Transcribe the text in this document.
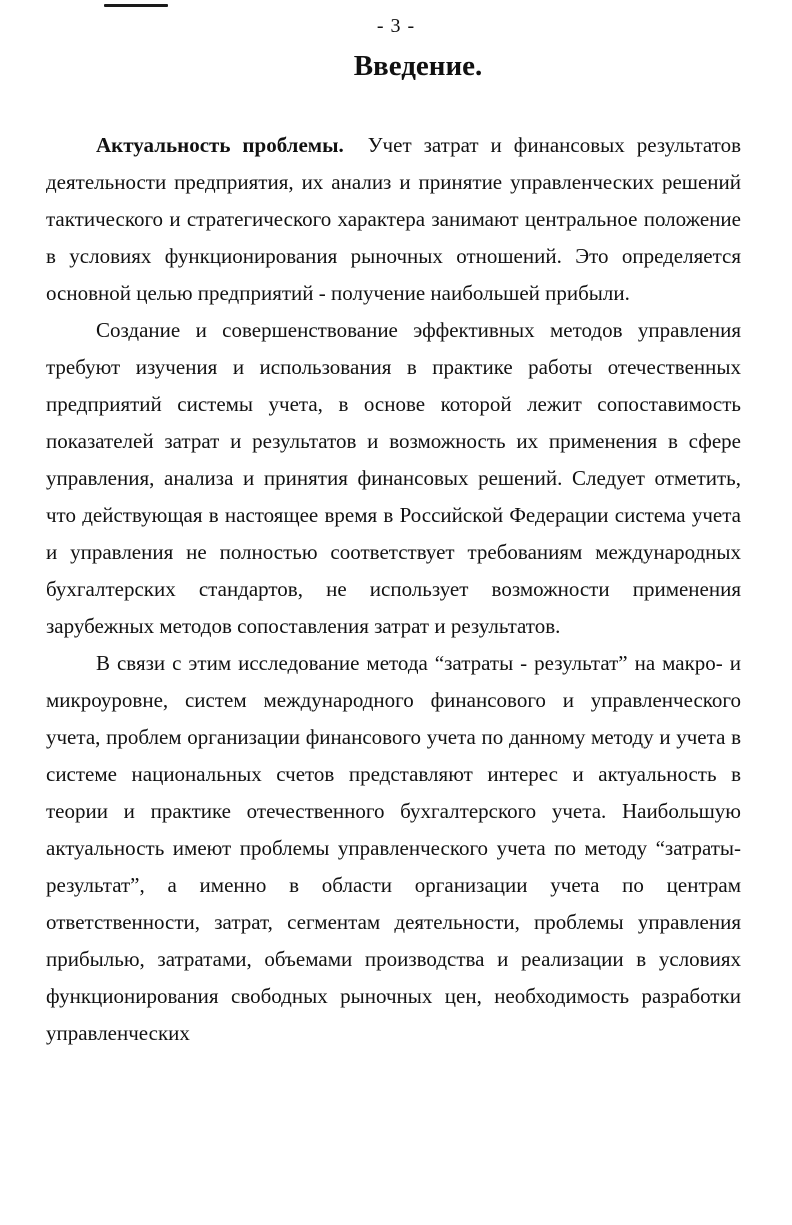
- 3 -
Введение.

Актуальность проблемы. Учет затрат и финансовых результатов деятельности предприятия, их анализ и принятие управленческих решений тактического и стратегического характера занимают центральное положение в условиях функционирования рыночных отношений. Это определяется основной целью предприятий - получение наибольшей прибыли.

Создание и совершенствование эффективных методов управления требуют изучения и использования в практике работы отечественных предприятий системы учета, в основе которой лежит сопоставимость показателей затрат и результатов и возможность их применения в сфере управления, анализа и принятия финансовых решений. Следует отметить, что действующая в настоящее время в Российской Федерации система учета и управления не полностью соответствует требованиям международных бухгалтерских стандартов, не использует возможности применения зарубежных методов сопоставления затрат и результатов.

В связи с этим исследование метода “затраты - результат” на макро- и микроуровне, систем международного финансового и управленческого учета, проблем организации финансового учета по данному методу и учета в системе национальных счетов представляют интерес и актуальность в теории и практике отечественного бухгалтерского учета. Наибольшую актуальность имеют проблемы управленческого учета по методу “затраты-результат”, а именно в области организации учета по центрам ответственности, затрат, сегментам деятельности, проблемы управления прибылью, затратами, объемами производства и реализации в условиях функционирования свободных рыночных цен, необходимость разработки управленческих
